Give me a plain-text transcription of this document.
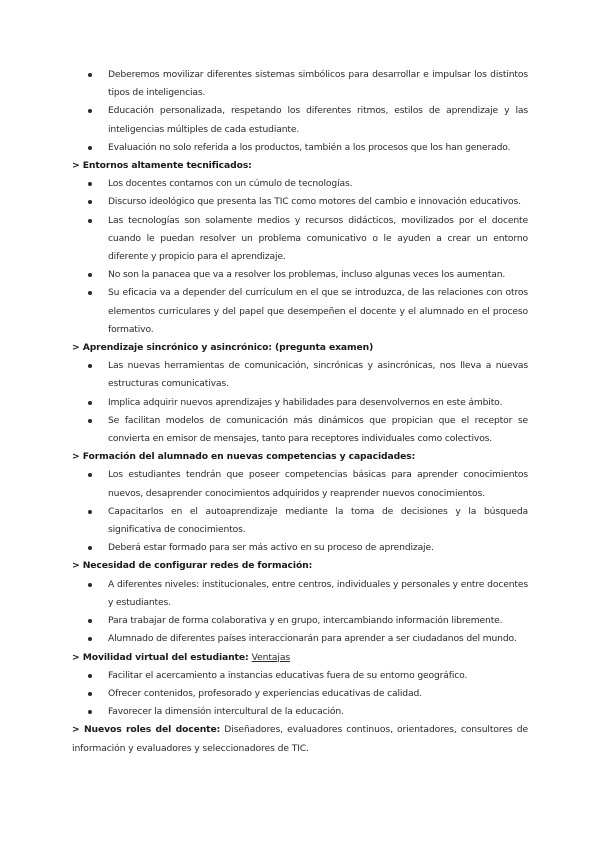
Deberemos movilizar diferentes sistemas simbólicos para desarrollar e impulsar los distintos tipos de inteligencias.
Educación personalizada, respetando los diferentes ritmos, estilos de aprendizaje y las inteligencias múltiples de cada estudiante.
Evaluación no solo referida a los productos, también a los procesos que los han generado.
> Entornos altamente tecnificados:
Los docentes contamos con un cúmulo de tecnologías.
Discurso ideológico que presenta las TIC como motores del cambio e innovación educativos.
Las tecnologías son solamente medios y recursos didácticos, movilizados por el docente cuando le puedan resolver un problema comunicativo o le ayuden a crear un entorno diferente y propicio para el aprendizaje.
No son la panacea que va a resolver los problemas, incluso algunas veces los aumentan.
Su eficacia va a depender del currículum en el que se introduzca, de las relaciones con otros elementos curriculares y del papel que desempeñen el docente y el alumnado en el proceso formativo.
> Aprendizaje sincrónico y asincrónico: (pregunta examen)
Las nuevas herramientas de comunicación, sincrónicas y asincrónicas, nos lleva a nuevas estructuras comunicativas.
Implica adquirir nuevos aprendizajes y habilidades para desenvolvernos en este ámbito.
Se facilitan modelos de comunicación más dinámicos que propician que el receptor se convierta en emisor de mensajes, tanto para receptores individuales como colectivos.
> Formación del alumnado en nuevas competencias y capacidades:
Los estudiantes tendrán que poseer competencias básicas para aprender conocimientos nuevos, desaprender conocimientos adquiridos y reaprender nuevos conocimientos.
Capacitarlos en el autoaprendizaje mediante la toma de decisiones y la búsqueda significativa de conocimientos.
Deberá estar formado para ser más activo en su proceso de aprendizaje.
> Necesidad de configurar redes de formación:
A diferentes niveles: institucionales, entre centros, individuales y personales y entre docentes y estudiantes.
Para trabajar de forma colaborativa y en grupo, intercambiando información libremente.
Alumnado de diferentes países interaccionarán para aprender a ser ciudadanos del mundo.
> Movilidad virtual del estudiante: Ventajas
Facilitar el acercamiento a instancias educativas fuera de su entorno geográfico.
Ofrecer contenidos, profesorado y experiencias educativas de calidad.
Favorecer la dimensión intercultural de la educación.
> Nuevos roles del docente: Diseñadores, evaluadores continuos, orientadores, consultores de información y evaluadores y seleccionadores de TIC.
